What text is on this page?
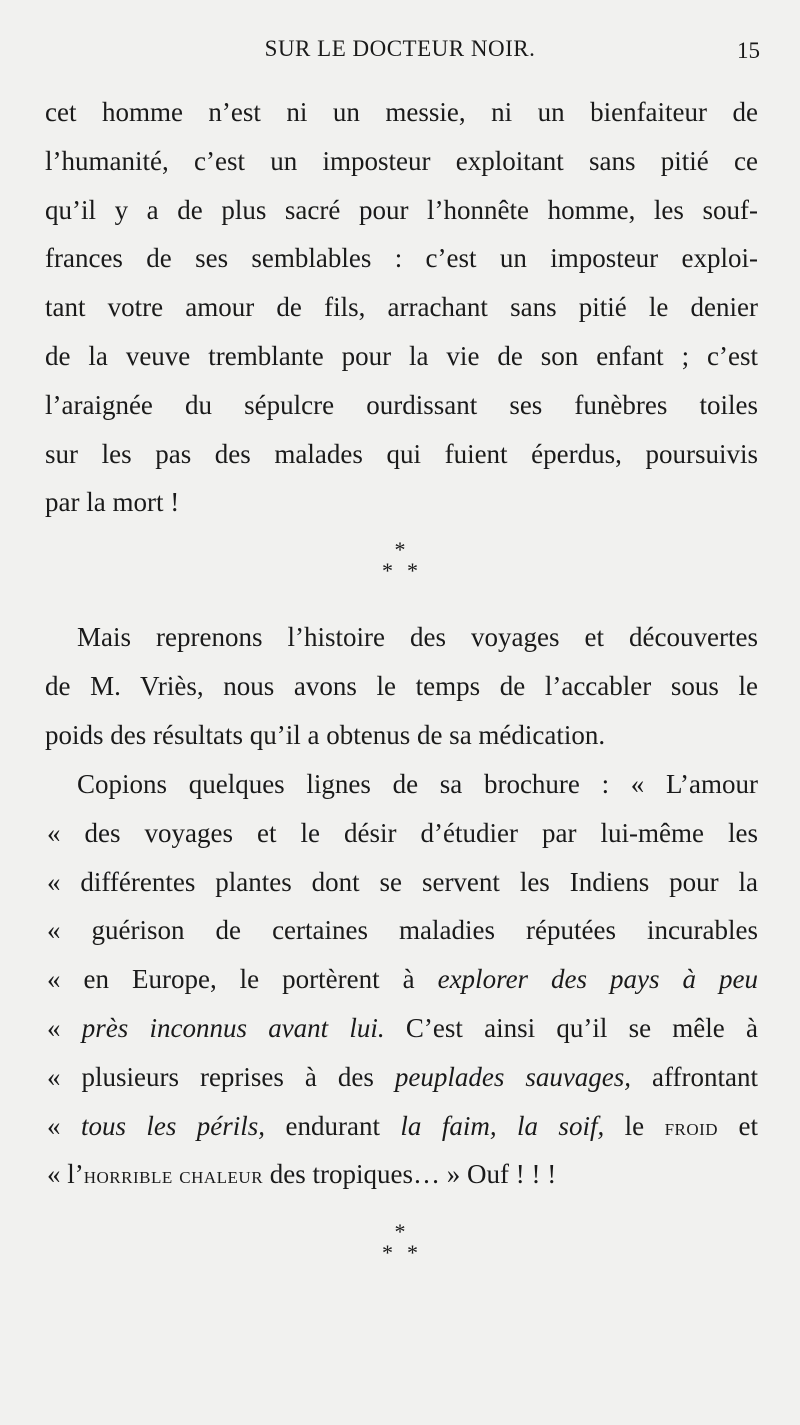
SUR LE DOCTEUR NOIR.	15
cet homme n’est ni un messie, ni un bienfaiteur de
l’humanité, c’est un imposteur exploitant sans pitié ce
qu’il y a de plus sacré pour l’honnête homme, les souf-
frances de ses semblables : c’est un imposteur exploi-
tant votre amour de fils, arrachant sans pitié le denier
de la veuve tremblante pour la vie de son enfant ; c’est
l’araignée du sépulcre ourdissant ses funèbres toiles
sur les pas des malades qui fuient éperdus, poursuivis
par la mort !
*
**
Mais reprenons l’histoire des voyages et découvertes
de M. Vriès, nous avons le temps de l’accabler sous le
poids des résultats qu’il a obtenus de sa médication.
Copions quelques lignes de sa brochure : « L’amour
« des voyages et le désir d’étudier par lui-même les
« différentes plantes dont se servent les Indiens pour la
« guérison de certaines maladies réputées incurables
« en Europe, le portèrent à explorer des pays à peu
« près inconnus avant lui. C’est ainsi qu’il se mêle à
« plusieurs reprises à des peuplades sauvages, affrontant
« tous les périls, endurant la faim, la soif, le froid et
« l’horrible chaleur des tropiques… » Ouf ! ! !
*
**
